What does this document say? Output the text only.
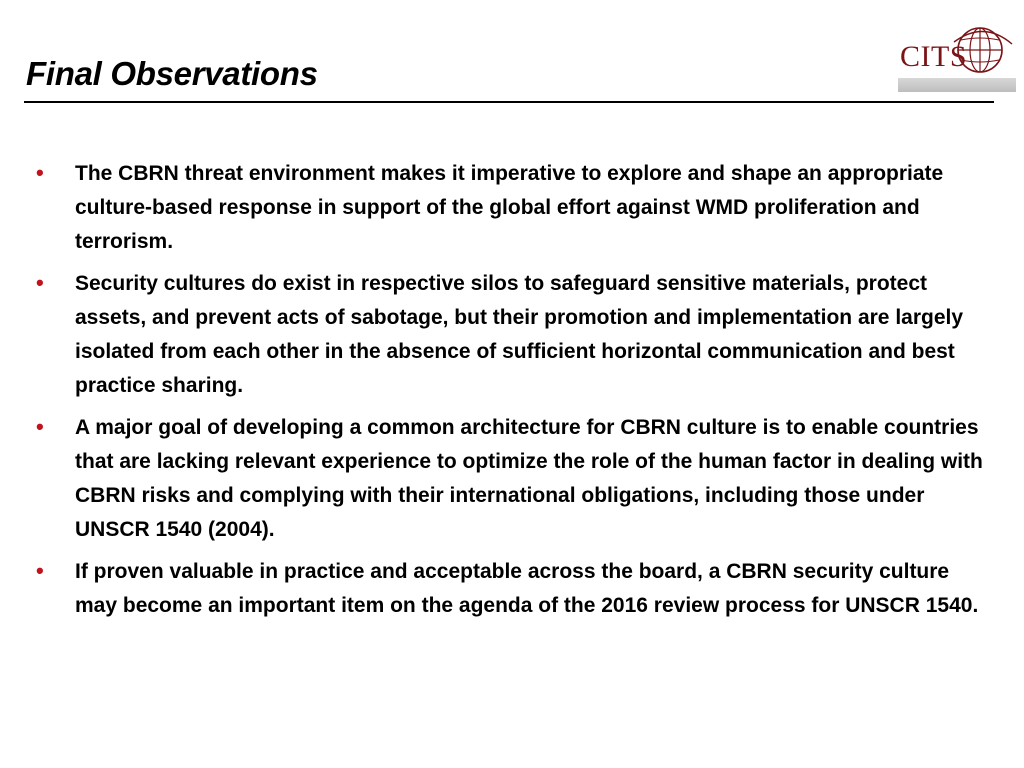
Final Observations	CITS
• The CBRN threat environment makes it imperative to explore and shape an appropriate culture-based response in support of the global effort against WMD proliferation and terrorism.
• Security cultures do exist in respective silos to safeguard sensitive materials, protect assets, and prevent acts of sabotage, but their promotion and implementation are largely isolated from each other in the absence of sufficient horizontal communication and best practice sharing.
• A major goal of developing a common architecture for CBRN culture is to enable countries that are lacking relevant experience to optimize the role of the human factor in dealing with CBRN risks and complying with their international obligations, including those under UNSCR 1540 (2004).
• If proven valuable in practice and acceptable across the board, a CBRN security culture may become an important item on the agenda of the 2016 review process for UNSCR 1540.
